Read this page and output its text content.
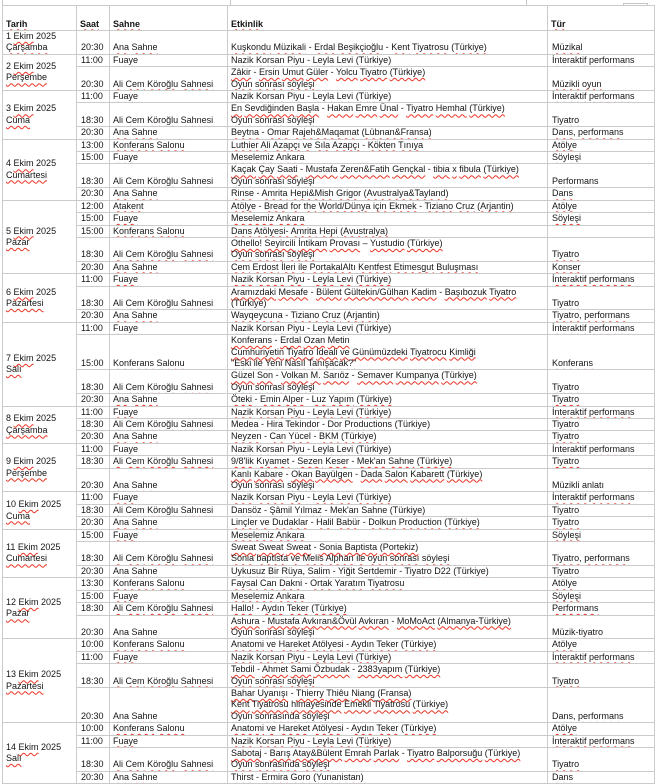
Tarih	Saat	Sahne	Etkinlik	Tür
1 Ekim 2025
Çarşamba	20:30	Ana Sahne	Kuşkondu Müzikali - Erdal Beşikçioğlu - Kent Tiyatrosu (Türkiye)	Müzikal
2 Ekim 2025
Perşembe	11:00	Fuaye	Nazik Korsan Piyu - Leyla Levi (Türkiye)	İnteraktif performans
	20:30	Ali Cem Köroğlu Sahnesi	Zâkir - Ersin Umut Güler - Yolcu Tiyatro (Türkiye)
Oyun sonrası söyleşi	Müzikli oyun
3 Ekim 2025
Cuma	11:00	Fuaye	Nazik Korsan Piyu - Leyla Levi (Türkiye)	İnteraktif performans
	18:30	Ali Cem Köroğlu Sahnesi	En Sevdiğinden Başla - Hakan Emre Ünal - Tiyatro Hemhal (Türkiye)
Oyun sonrası söyleşi	Tiyatro
	20:30	Ana Sahne	Beytna - Omar Rajeh&Maqamat (Lübnan&Fransa)	Dans, performans
4 Ekim 2025
Cumartesi	13:00	Konferans Salonu	Luthier Ali Azapçı ve Sıla Azapçı - Kökten Tınıya	Atölye
	15:00	Fuaye	Meselemiz Ankara	Söyleşi
	18:30	Ali Cem Köroğlu Sahnesi	Kaçak Çay Saati - Mustafa Zeren&Fatih Gençkal - tibia x fibula (Türkiye)
Oyun sonrası söyleşi	Performans
	20:30	Ana Sahne	Rinse - Amrita Hepi&Mish Grigor (Avustralya&Tayland)	Dans
5 Ekim 2025
Pazar	12:00	Atakent	Atölye - Bread for the World/Dünya için Ekmek - Tiziano Cruz (Arjantin)	Atölye
	15:00	Fuaye	Meselemiz Ankara	Söyleşi
	15:00	Konferans Salonu	Dans Atölyesi- Amrita Hepi (Avustralya)	
	18:30	Ali Cem Köroğlu Sahnesi	Othello! Seyircili İntikam Provası – Yustudio (Türkiye)
Oyun sonrası söyleşi	Tiyatro
	20:30	Ana Sahne	Cem Erdost İleri ile PortakalAltı Kentfest Etimesgut Buluşması	Konser
6 Ekim 2025
Pazartesi	11:00	Fuaye	Nazik Korsan Piyu - Leyla Levi (Türkiye)	İnteraktif performans
	18:30	Ali Cem Köroğlu Sahnesi	Aramızdaki Mesafe - Bülent Gültekin/Gülhan Kadim - Başıbozuk Tiyatro
(Türkiye)	Tiyatro
	20:30	Ana Sahne	Wayqeycuna - Tiziano Cruz (Arjantin)	Tiyatro, performans
7 Ekim 2025
Salı	11:00	Fuaye	Nazik Korsan Piyu - Leyla Levi (Türkiye)	İnteraktif performans
	15:00	Konferans Salonu	Konferans - Erdal Ozan Metin
Cumhuriyetin Tiyatro İdeali ve Günümüzdeki Tiyatrocu Kimliği
"Eski ile Yeni Nasıl Tanışacak?"	Konferans
	18:30	Ali Cem Köroğlu Sahnesi	Güzel Son - Volkan M. Sarıöz - Semaver Kumpanya (Türkiye)
Oyun sonrası söyleşi	Tiyatro
	20:30	Ana Sahne	Öteki - Emin Alper - Luz Yapım (Türkiye)	Tiyatro
8 Ekim 2025
Çarşamba	11:00	Fuaye	Nazik Korsan Piyu - Leyla Levi (Türkiye)	İnteraktif performans
	18:30	Ali Cem Köroğlu Sahnesi	Medea - Hira Tekindor - Dor Productions (Türkiye)	Tiyatro
	20:30	Ana Sahne	Neyzen - Can Yücel - BKM (Türkiye)	Tiyatro
9 Ekim 2025
Perşembe	11:00	Fuaye	Nazik Korsan Piyu - Leyla Levi (Türkiye)	İnteraktif performans
	18:30	Ali Cem Köroğlu Sahnesi	9/8'lik Kıyamet - Sezen Keser - Mek'an Sahne (Türkiye)	Tiyatro
	20:30	Ana Sahne	Kanlı Kabare - Okan Bayülgen - Dada Salon Kabarett (Türkiye)
Oyun sonrası söyleşi	Müzikli anlatı
10 Ekim 2025
Cuma	11:00	Fuaye	Nazik Korsan Piyu - Leyla Levi (Türkiye)	İnteraktif performans
	18:30	Ali Cem Köroğlu Sahnesi	Dansöz - Şâmil Yılmaz - Mek'an Sahne (Türkiye)	Tiyatro
	20:30	Ana Sahne	Linçler ve Dudaklar - Halil Babür - Dolkun Production (Türkiye)	Tiyatro
11 Ekim 2025
Cumartesi	15:00	Fuaye	Meselemiz Ankara	Söyleşi
	18:30	Ali Cem Köroğlu Sahnesi	Sweat Sweat Sweat - Sonia Baptista (Portekiz)
Sonia baptista ve Melis Alphan ile oyun sonrası söyleşi	Tiyatro, performans
	20:30	Ana Sahne	Uykusuz Bir Rüya, Salim - Yiğit Sertdemir - Tiyatro D22 (Türkiye)	Tiyatro
12 Ekim 2025
Pazar	13:30	Konferans Salonu	Faysal Can Dakni - Ortak Yaratım Tiyatrosu	Atölye
	15:00	Fuaye	Meselemiz Ankara	Söyleşi
	18:30	Ali Cem Köroğlu Sahnesi	Hallo! - Aydın Teker (Türkiye)	Performans
	20:30	Ana Sahne	Ashura - Mustafa Avkıran&Övül Avkıran - MoMoAct (Almanya-Türkiye)
Oyun sonrası söyleşi	Müzik-tiyatro
13 Ekim 2025
Pazartesi	10:00	Konferans Salonu	Anatomi ve Hareket Atölyesi - Aydın Teker (Türkiye)	Atölye
	11:00	Fuaye	Nazik Korsan Piyu - Leyla Levi (Türkiye)	İnteraktif performans
	18:30	Ali Cem Köroğlu Sahnesi	Tebdil - Ahmet Sami Özbudak - 2383yapım (Türkiye)
Oyun sonrası söyleşi	Tiyatro
	20:30	Ana Sahne	Bahar Uyanışı - Thierry Thiêu Niang (Fransa)
Kent Tiyatrosu himayesinde Emekli Tiyatrosu (Türkiye)
Oyun sonrasında söyleşi	Dans, performans
14 Ekim 2025
Salı	10:00	Konferans Salonu	Anatomi ve Hareket Atölyesi - Aydın Teker (Türkiye)	Atölye
	11:00	Fuaye	Nazik Korsan Piyu - Leyla Levi (Türkiye)	İnteraktif performans
	18:30	Ali Cem Köroğlu Sahnesi	Sabotaj - Barış Atay&Bülent Emrah Parlak - Tiyatro Balporsuğu (Türkiye)
Oyun sonrasında söyleşi	Tiyatro
	20:30	Ana Sahne	Thirst - Ermira Goro (Yunanistan)	Dans
